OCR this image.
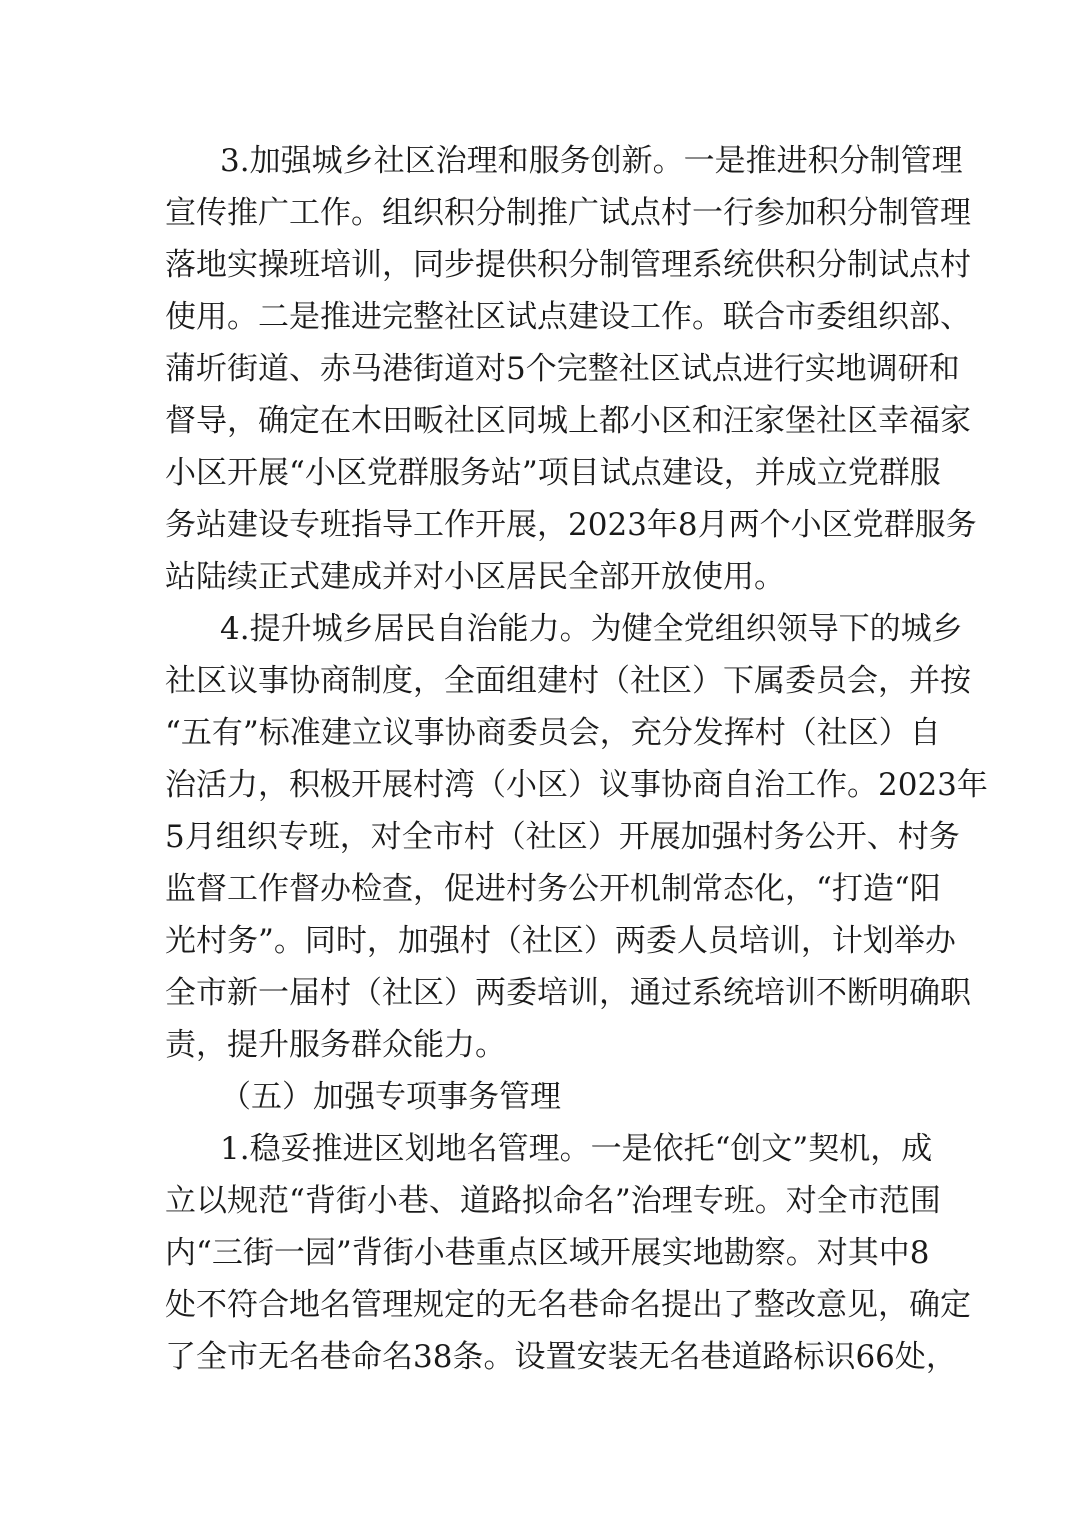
3.加强城乡社区治理和服务创新。一是推进积分制管理
宣传推广工作。组织积分制推广试点村一行参加积分制管理
落地实操班培训，同步提供积分制管理系统供积分制试点村
使用。二是推进完整社区试点建设工作。联合市委组织部、
蒲圻街道、赤马港街道对5个完整社区试点进行实地调研和
督导，确定在木田畈社区同城上都小区和汪家堡社区幸福家
小区开展“小区党群服务站”项目试点建设，并成立党群服
务站建设专班指导工作开展，2023年8月两个小区党群服务
站陆续正式建成并对小区居民全部开放使用。
4.提升城乡居民自治能力。为健全党组织领导下的城乡
社区议事协商制度，全面组建村（社区）下属委员会，并按
“五有”标准建立议事协商委员会，充分发挥村（社区）自
治活力，积极开展村湾（小区）议事协商自治工作。2023年
5月组织专班，对全市村（社区）开展加强村务公开、村务
监督工作督办检查，促进村务公开机制常态化，“打造“阳
光村务”。同时，加强村（社区）两委人员培训，计划举办
全市新一届村（社区）两委培训，通过系统培训不断明确职
责，提升服务群众能力。
（五）加强专项事务管理
1.稳妥推进区划地名管理。一是依托“创文”契机，成
立以规范“背街小巷、道路拟命名”治理专班。对全市范围
内“三街一园”背街小巷重点区域开展实地勘察。对其中8
处不符合地名管理规定的无名巷命名提出了整改意见，确定
了全市无名巷命名38条。设置安装无名巷道路标识66处，
